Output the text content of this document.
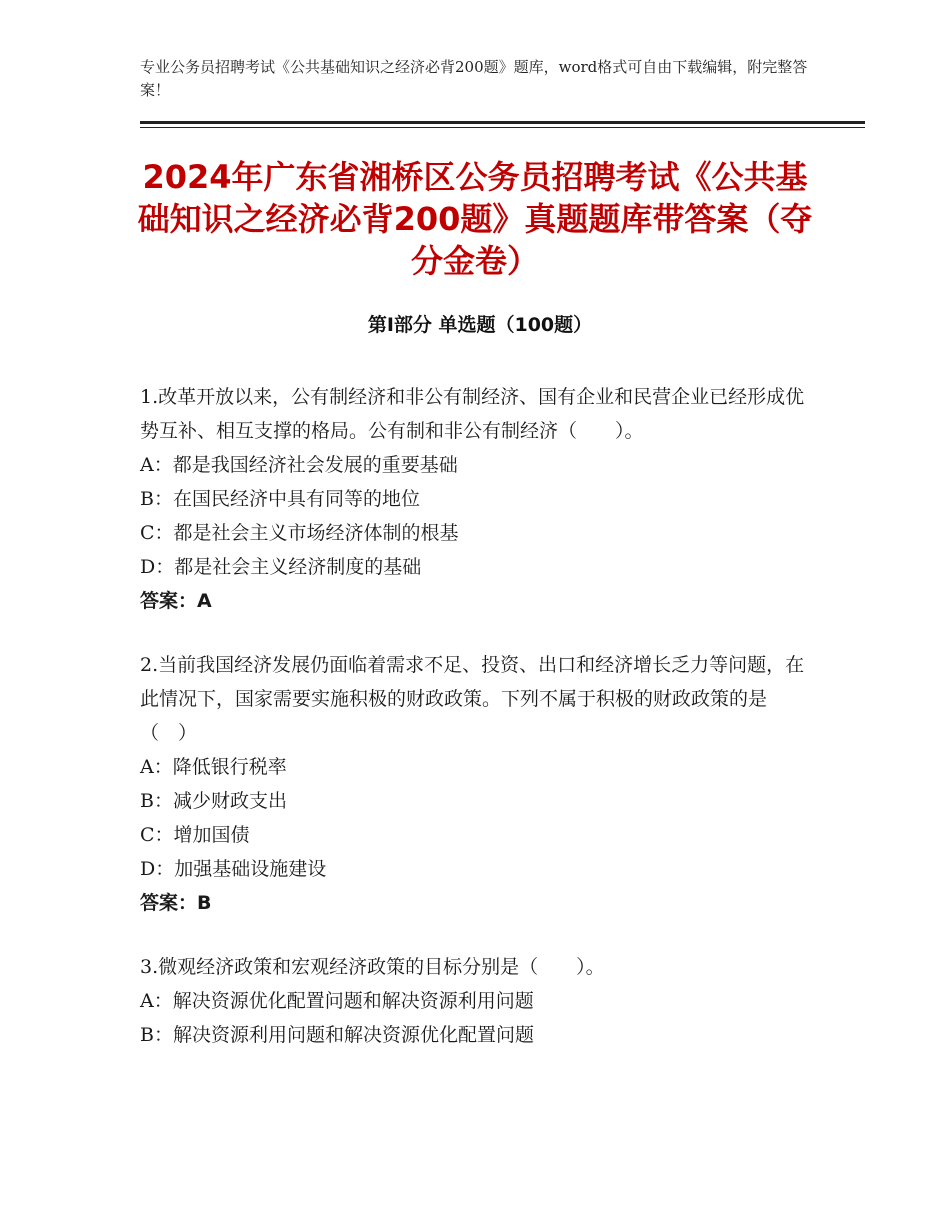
专业公务员招聘考试《公共基础知识之经济必背200题》题库，word格式可自由下载编辑，附完整答案！
2024年广东省湘桥区公务员招聘考试《公共基础知识之经济必背200题》真题题库带答案（夺分金卷）
第Ⅰ部分 单选题（100题）

1.改革开放以来，公有制经济和非公有制经济、国有企业和民营企业已经形成优势互补、相互支撑的格局。公有制和非公有制经济（　　）。

A：都是我国经济社会发展的重要基础

B：在国民经济中具有同等的地位

C：都是社会主义市场经济体制的根基

D：都是社会主义经济制度的基础

答案：A

2.当前我国经济发展仍面临着需求不足、投资、出口和经济增长乏力等问题，在此情况下，国家需要实施积极的财政政策。下列不属于积极的财政政策的是（　）

A：降低银行税率

B：减少财政支出

C：增加国债

D：加强基础设施建设

答案：B

3.微观经济政策和宏观经济政策的目标分别是（　　）。

A：解决资源优化配置问题和解决资源利用问题

B：解决资源利用问题和解决资源优化配置问题
